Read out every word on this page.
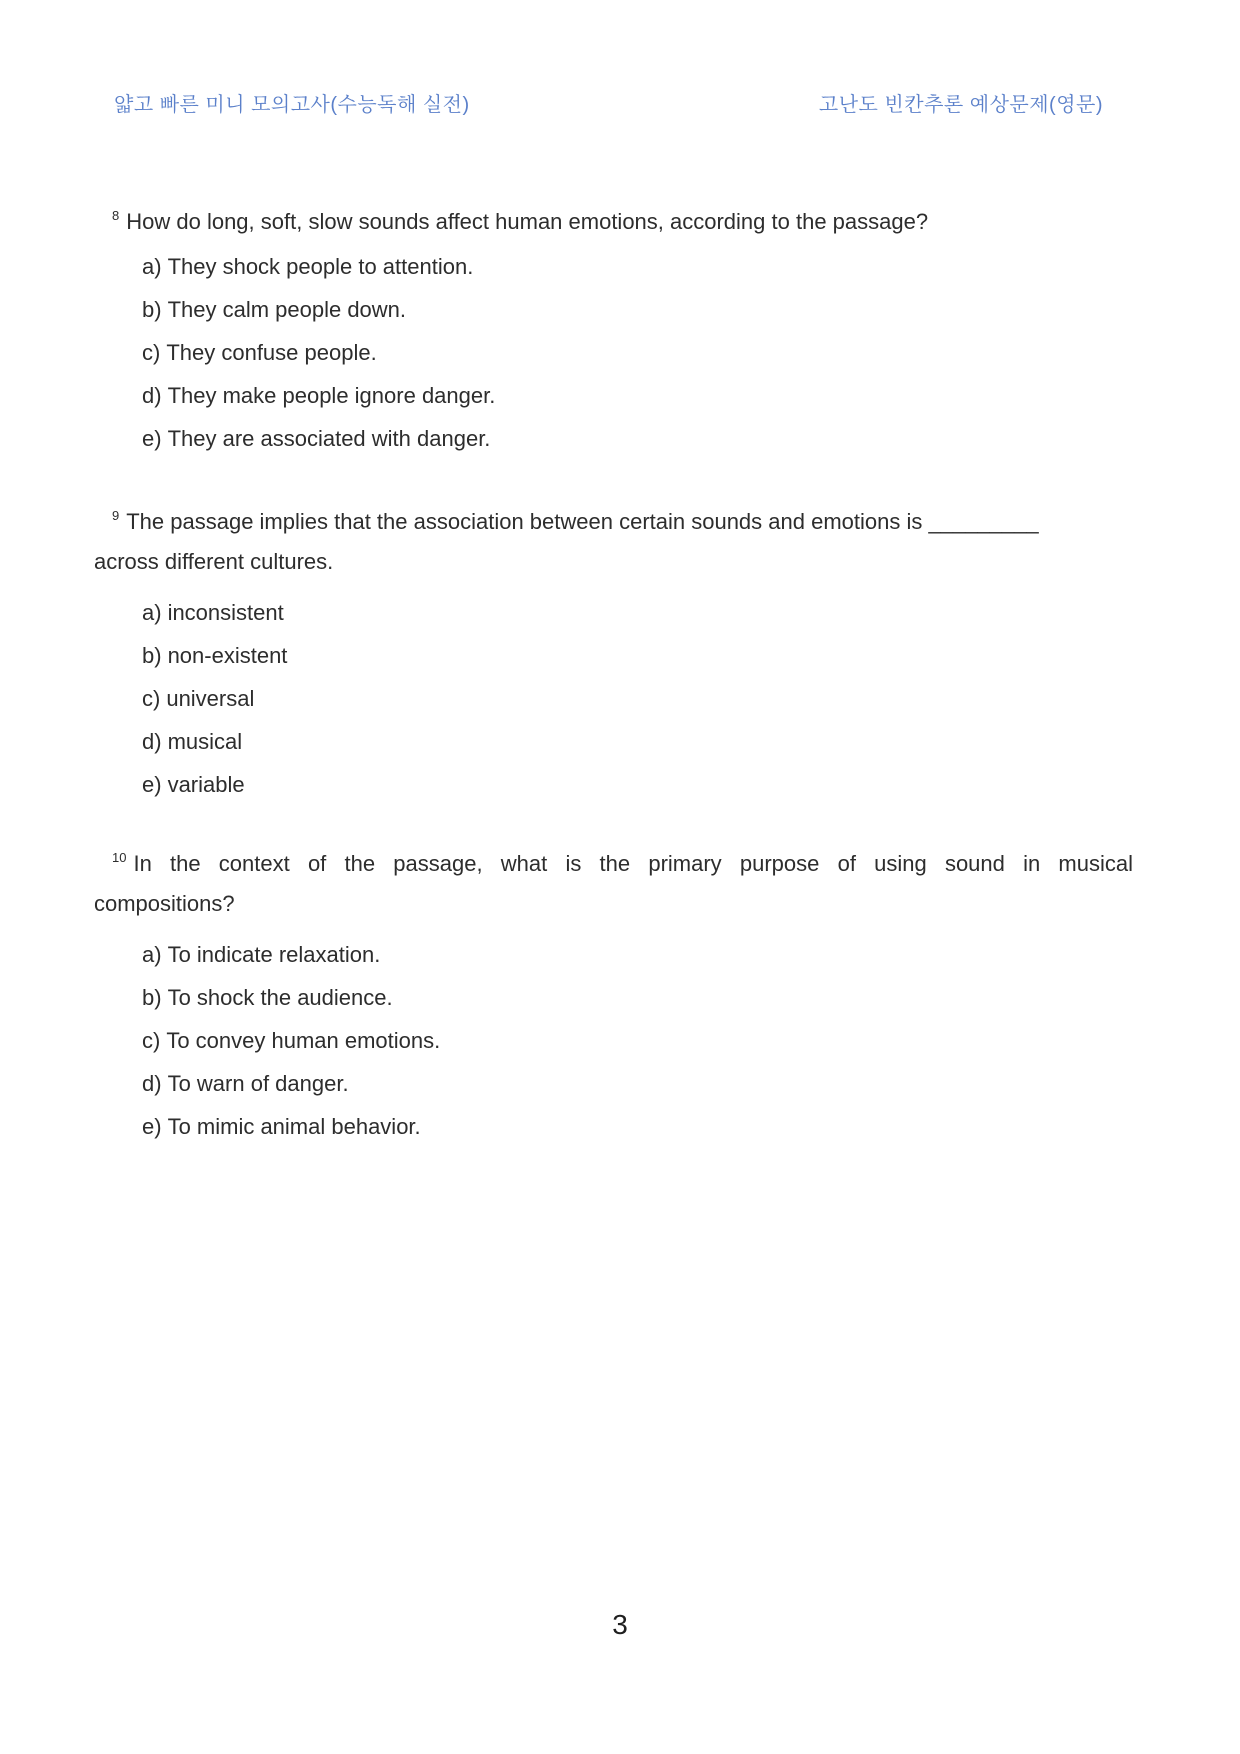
얇고 빠른 미니 모의고사(수능독해 실전)	고난도 빈칸추론 예상문제(영문)
$^8$ How do long, soft, slow sounds affect human emotions, according to the passage?
a) They shock people to attention.
b) They calm people down.
c) They confuse people.
d) They make people ignore danger.
e) They are associated with danger.
$^9$ The passage implies that the association between certain sounds and emotions is _________
across different cultures.
a) inconsistent
b) non-existent
c) universal
d) musical
e) variable
$^{10}$ In the context of the passage, what is the primary purpose of using sound in musical
compositions?
a) To indicate relaxation.
b) To shock the audience.
c) To convey human emotions.
d) To warn of danger.
e) To mimic animal behavior.
3
